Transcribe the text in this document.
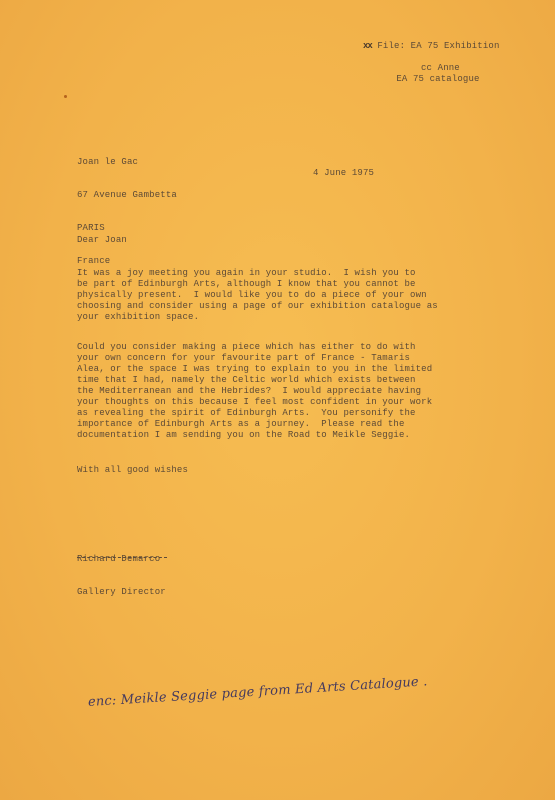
xx File: EA 75 Exhibition

EA 75 catalogue

cc Anne

Joan le Gac

67 Avenue Gambetta

PARIS

France

4 June 1975
Dear Joan
It was a joy meeting you again in your studio.  I wish you to
be part of Edinburgh Arts, although I know that you cannot be
physically present.  I would like you to do a piece of your own
choosing and consider using a page of our exhibition catalogue as
your exhibition space.
Could you consider making a piece which has either to do with
your own concern for your favourite part of France - Tamaris
Alea, or the space I was trying to explain to you in the limited
time that I had, namely the Celtic world which exists between
the Mediterranean and the Hebrides?  I would appreciate having
your thoughts on this because I feel most confident in your work
as revealing the spirit of Edinburgh Arts.  You personify the
importance of Edinburgh Arts as a journey.  Please read the
documentation I am sending you on the Road to Meikle Seggie.
With all good wishes

Richard Demarco

Gallery Director

enc: Meikle Seggie page from Ed Arts Catalogue .
